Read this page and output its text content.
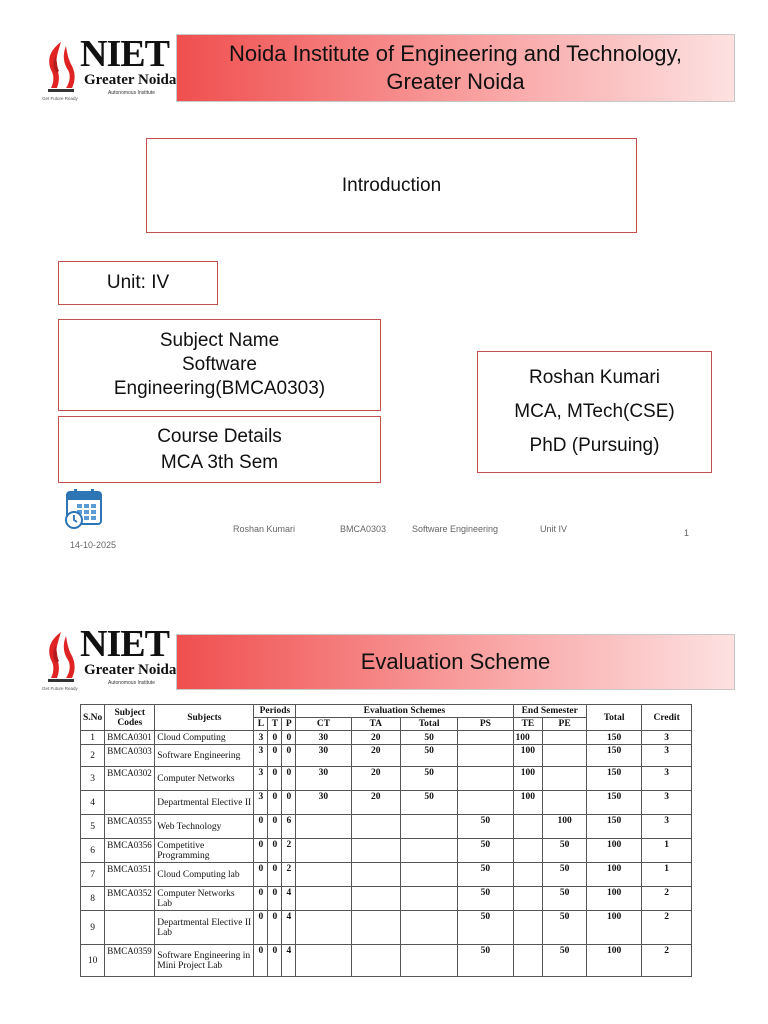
NIET
Greater Noida
Autonomous Institute
Get Future Ready
Noida Institute of Engineering and Technology,
Greater Noida
Introduction
Unit: IV
Subject Name
Software
Engineering(BMCA0303)
Course Details
MCA 3th Sem
Roshan Kumari
MCA, MTech(CSE)
PhD (Pursuing)
14-10-2025
Roshan Kumari	BMCA0303	Software Engineering	Unit IV	1
NIET
Greater Noida
Autonomous Institute
Get Future Ready
Evaluation Scheme
S.No	Subject Codes	Subjects	Periods			Evaluation Schemes				End Semester		Total	Credit
			L	T	P	CT	TA	Total	PS	TE	PE		
1	BMCA0301	Cloud Computing	3	0	0	30	20	50		100		150	3
2	BMCA0303	Software Engineering	3	0	0	30	20	50		100		150	3
3	BMCA0302	Computer Networks	3	0	0	30	20	50		100		150	3
4		Departmental Elective II	3	0	0	30	20	50		100		150	3
5	BMCA0355	Web Technology	0	0	6				50		100	150	3
6	BMCA0356	Competitive Programming	0	0	2				50		50	100	1
7	BMCA0351	Cloud Computing lab	0	0	2				50		50	100	1
8	BMCA0352	Computer Networks Lab	0	0	4				50		50	100	2
9		Departmental Elective II Lab	0	0	4				50		50	100	2
10	BMCA0359	Software Engineering in Mini Project Lab	0	0	4				50		50	100	2
